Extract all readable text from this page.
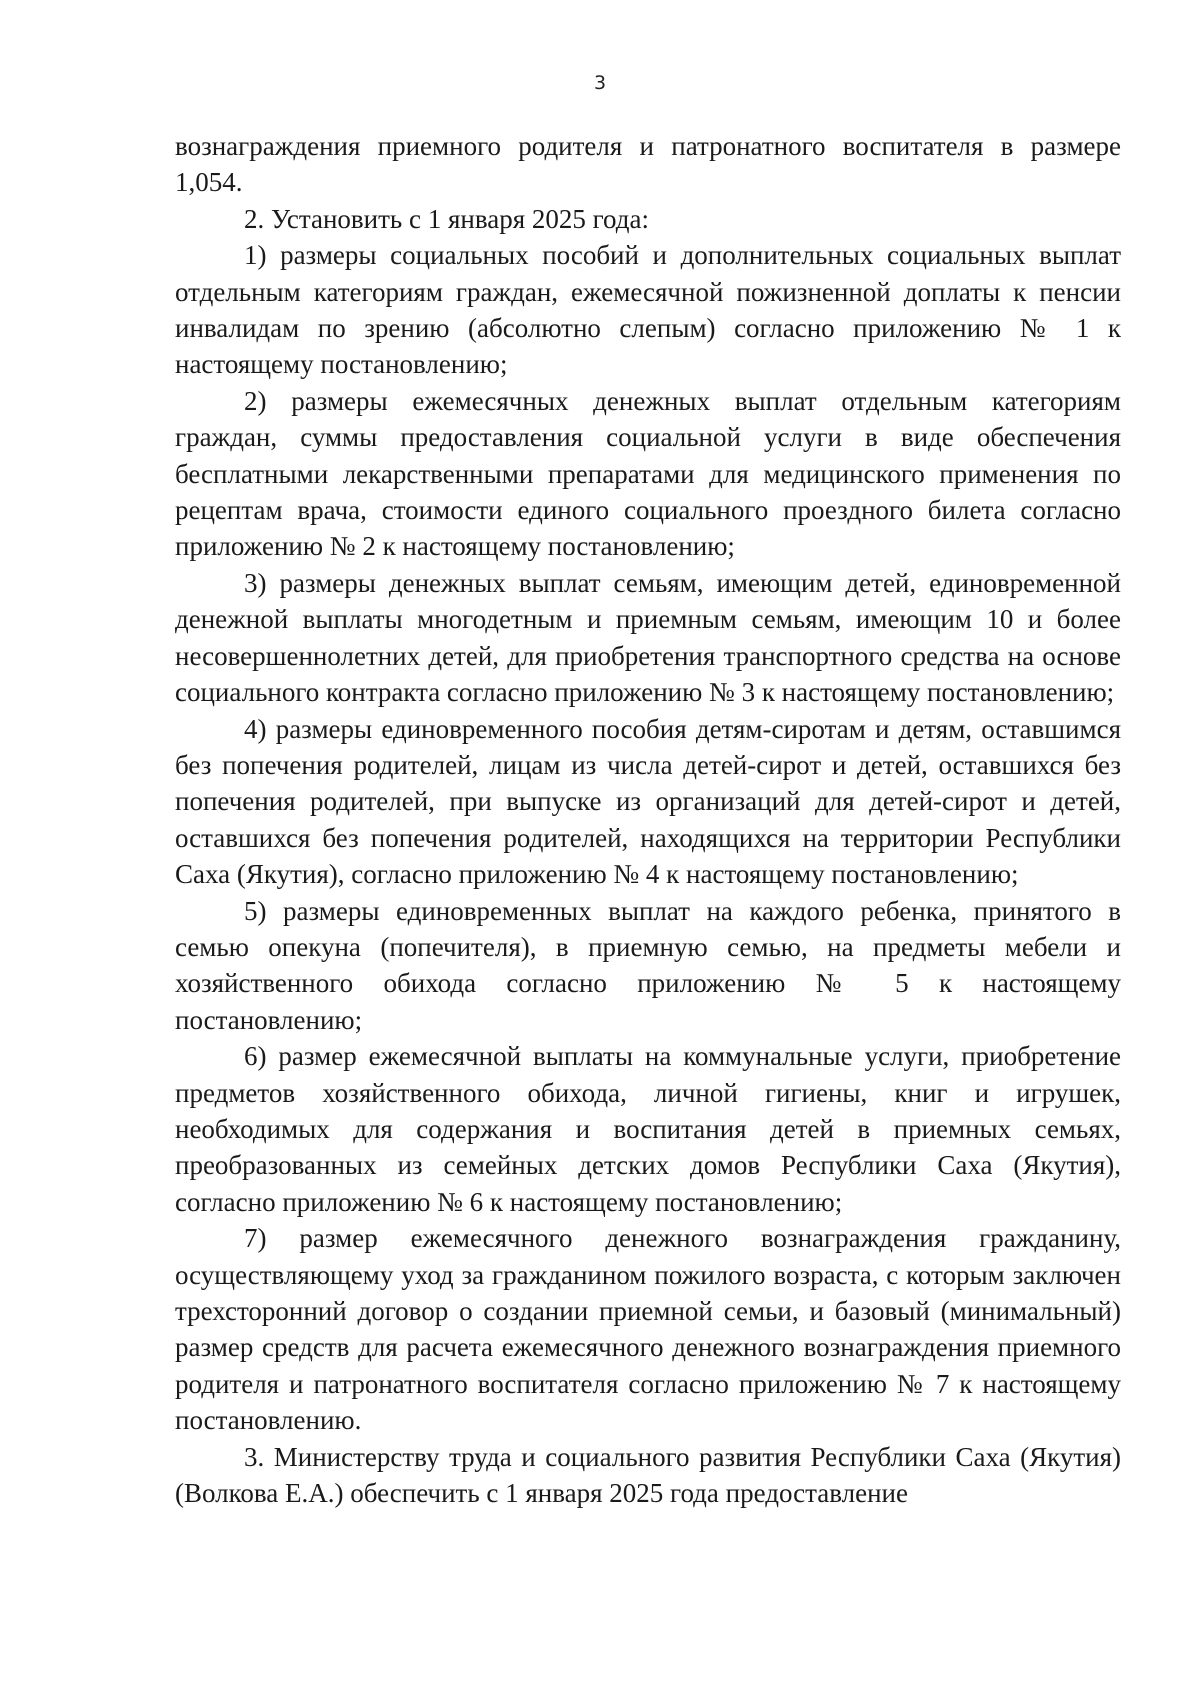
3

вознаграждения приемного родителя и патронатного воспитателя в размере 1,054.

2. Установить с 1 января 2025 года:

1) размеры социальных пособий и дополнительных социальных выплат отдельным категориям граждан, ежемесячной пожизненной доплаты к пенсии инвалидам по зрению (абсолютно слепым) согласно приложению № 1 к настоящему постановлению;

2) размеры ежемесячных денежных выплат отдельным категориям граждан, суммы предоставления социальной услуги в виде обеспечения бесплатными лекарственными препаратами для медицинского применения по рецептам врача, стоимости единого социального проездного билета согласно приложению № 2 к настоящему постановлению;

3) размеры денежных выплат семьям, имеющим детей, единовременной денежной выплаты многодетным и приемным семьям, имеющим 10 и более несовершеннолетних детей, для приобретения транспортного средства на основе социального контракта согласно приложению № 3 к настоящему постановлению;

4) размеры единовременного пособия детям-сиротам и детям, оставшимся без попечения родителей, лицам из числа детей-сирот и детей, оставшихся без попечения родителей, при выпуске из организаций для детей-сирот и детей, оставшихся без попечения родителей, находящихся на территории Республики Саха (Якутия), согласно приложению № 4 к настоящему постановлению;

5) размеры единовременных выплат на каждого ребенка, принятого в семью опекуна (попечителя), в приемную семью, на предметы мебели и хозяйственного обихода согласно приложению № 5 к настоящему постановлению;

6) размер ежемесячной выплаты на коммунальные услуги, приобретение предметов хозяйственного обихода, личной гигиены, книг и игрушек, необходимых для содержания и воспитания детей в приемных семьях, преобразованных из семейных детских домов Республики Саха (Якутия), согласно приложению № 6 к настоящему постановлению;

7) размер ежемесячного денежного вознаграждения гражданину, осуществляющему уход за гражданином пожилого возраста, с которым заключен трехсторонний договор о создании приемной семьи, и базовый (минимальный) размер средств для расчета ежемесячного денежного вознаграждения приемного родителя и патронатного воспитателя согласно приложению № 7 к настоящему постановлению.

3. Министерству труда и социального развития Республики Саха (Якутия) (Волкова Е.А.) обеспечить с 1 января 2025 года предоставление
